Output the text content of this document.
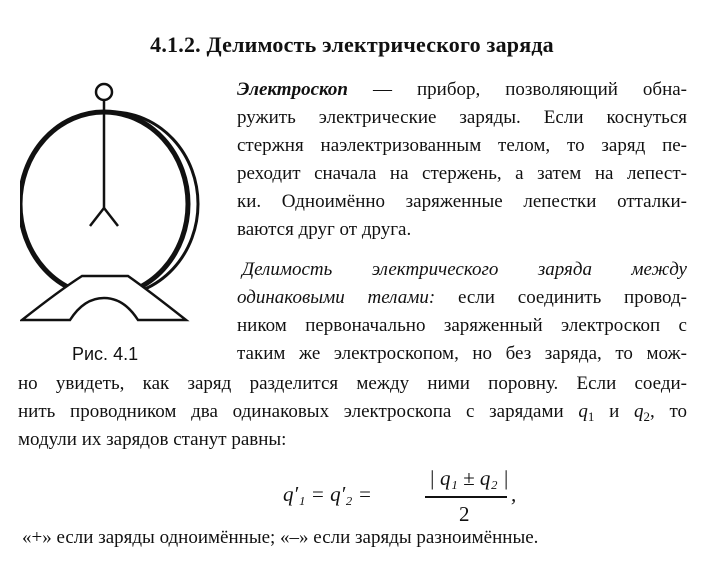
4.1.2. Делимость электрического заряда
Рис. 4.1
Электроскоп — прибор, позволяющий обна-
ружить электрические заряды. Если коснуться
стержня наэлектризованным телом, то заряд пе-
реходит сначала на стержень, а затем на лепест-
ки. Одноимённо заряженные лепестки отталки-
ваются друг от друга.
Делимость электрического заряда между
одинаковыми телами: если соединить провод-
ником первоначально заряженный электроскоп с
таким же электроскопом, но без заряда, то мож-
но увидеть, как заряд разделится между ними поровну. Если соеди-
нить проводником два одинаковых электроскопа с зарядами $q_1$ и $q_2$, то
модули их зарядов станут равны:
q′₁ = q′₂ =
| q₁ ± q₂ |
2
,
«+» если заряды одноимённые; «–» если заряды разноимённые.
